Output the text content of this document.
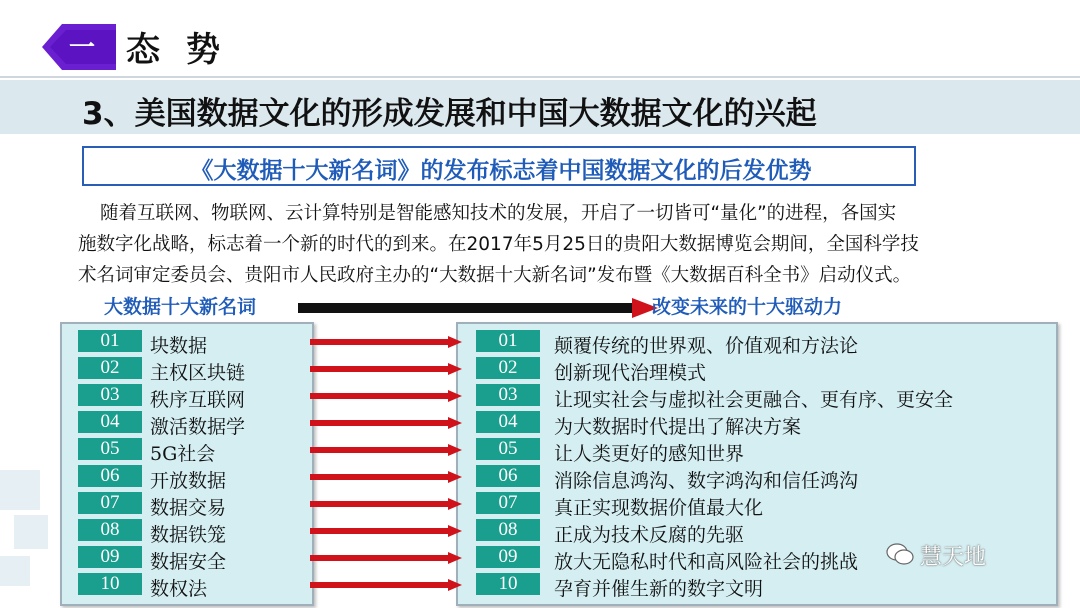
一 态势
3、美国数据文化的形成发展和中国大数据文化的兴起
《大数据十大新名词》的发布标志着中国数据文化的后发优势

随着互联网、物联网、云计算特别是智能感知技术的发展，开启了一切皆可“量化”的进程，各国实

施数字化战略，标志着一个新的时代的到来。在2017年5月25日的贵阳大数据博览会期间，全国科学技

术名词审定委员会、贵阳市人民政府主办的“大数据十大新名词”发布暨《大数据百科全书》启动仪式。

大数据十大新名词	改变未来的十大驱动力
01	块数据	01	颠覆传统的世界观、价值观和方法论
02	主权区块链	02	创新现代治理模式
03	秩序互联网	03	让现实社会与虚拟社会更融合、更有序、更安全
04	激活数据学	04	为大数据时代提出了解决方案
05	5G社会	05	让人类更好的感知世界
06	开放数据	06	消除信息鸿沟、数字鸿沟和信任鸿沟
07	数据交易	07	真正实现数据价值最大化
08	数据铁笼	08	正成为技术反腐的先驱
09	数据安全	09	放大无隐私时代和高风险社会的挑战
10	数权法	10	孕育并催生新的数字文明
慧天地
